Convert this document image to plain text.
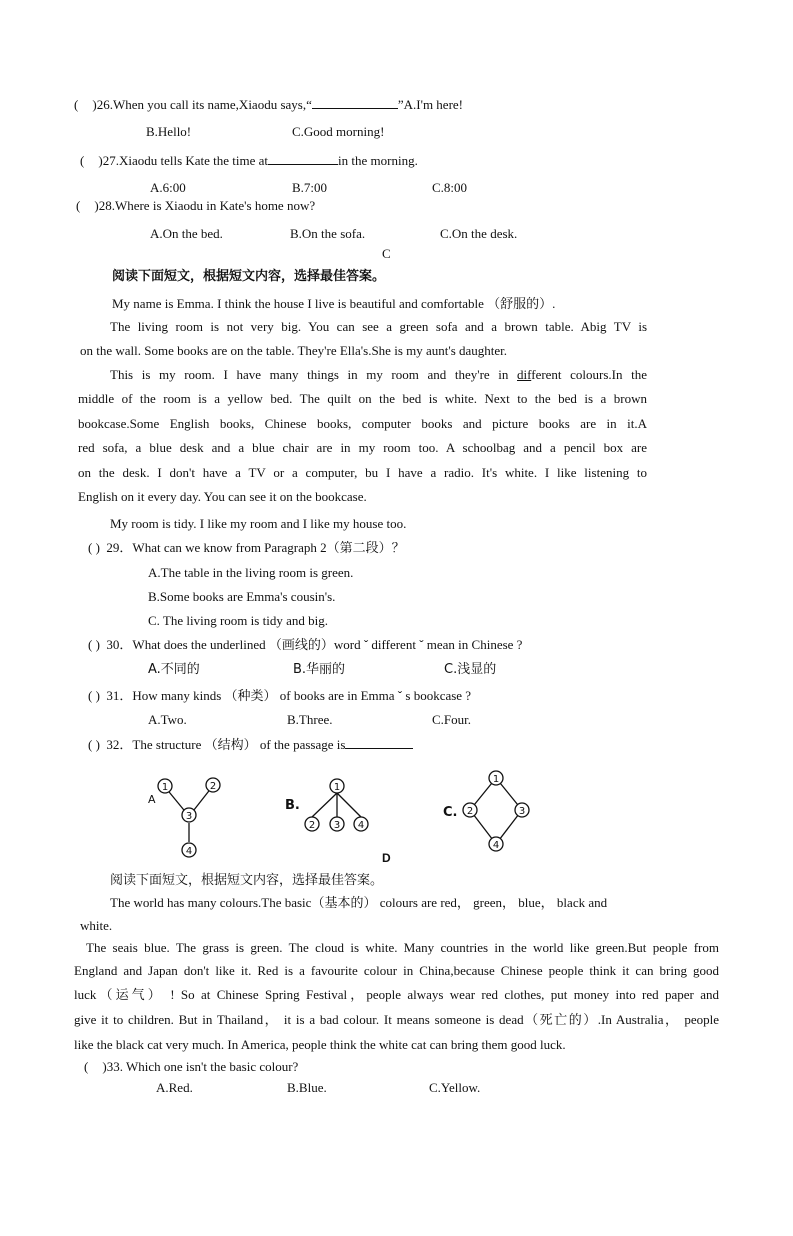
( )26.When you call its name,Xiaodu says,“	”A.I'm here!
B.Hello!	C.Good morning!
( )27.Xiaodu tells Kate the time at	in the morning.
A.6:00	B.7:00	C.8:00
( )28.Where is Xiaodu in Kate's home now?
A.On the bed.	B.On the sofa.	C.On the desk.
C
阅读下面短文，根据短文内容，选择最佳答案。
My name is Emma. I think the house I live is beautiful and comfortable （舒服的）.
The living room is not very big. You can see a green sofa and a brown table. Abig TV is
on the wall. Some books are on the table. They're Ella's.She is my aunt's daughter.
This is my room. I have many things in my room and they're in different colours.In the
middle of the room is a yellow bed. The quilt on the bed is white. Next to the bed is a brown
bookcase.Some English books, Chinese books, computer books and picture books are in it.A
red sofa, a blue desk and a blue chair are in my room too. A schoolbag and a pencil box are
on the desk. I don't have a TV or a computer, bu I have a radio. It's white. I like listening to
English on it every day. You can see it on the bookcase.
My room is tidy. I like my room and I like my house too.
( ) 29．What can we know from Paragraph 2（第二段）？
A.The table in the living room is green.
B.Some books are Emma's cousin's.
C. The living room is tidy and big.
( ) 30．What does the underlined （画线的）word ˇ different ˇ mean in Chinese ?
A.不同的	B.华丽的	C.浅显的
( ) 31．How many kinds （种类） of books are in Emma ˇ s bookcase ?
A.Two.	B.Three.	C.Four.
( ) 32．The structure （结构） of the passage is
A
1	2
3
4
B.
1
2 3 4
C.
1
2	3
4
D
阅读下面短文，根据短文内容，选择最佳答案。
The world has many colours.The basic（基本的） colours are red， green， blue， black and
white.
The seais blue. The grass is green. The cloud is white. Many countries in the world like green.But people from
England and Japan don't like it. Red is a favourite colour in China,because Chinese people think it can bring good
luck（运气） ! So at Chinese Spring Festival，people always wear red clothes, put money into red paper and
give it to children. But in Thailand， it is a bad colour. It means someone is dead（死亡的）.In Australia， people
like the black cat very much. In America, people think the white cat can bring them good luck.
( )33. Which one isn't the basic colour?
A.Red.	B.Blue.	C.Yellow.
